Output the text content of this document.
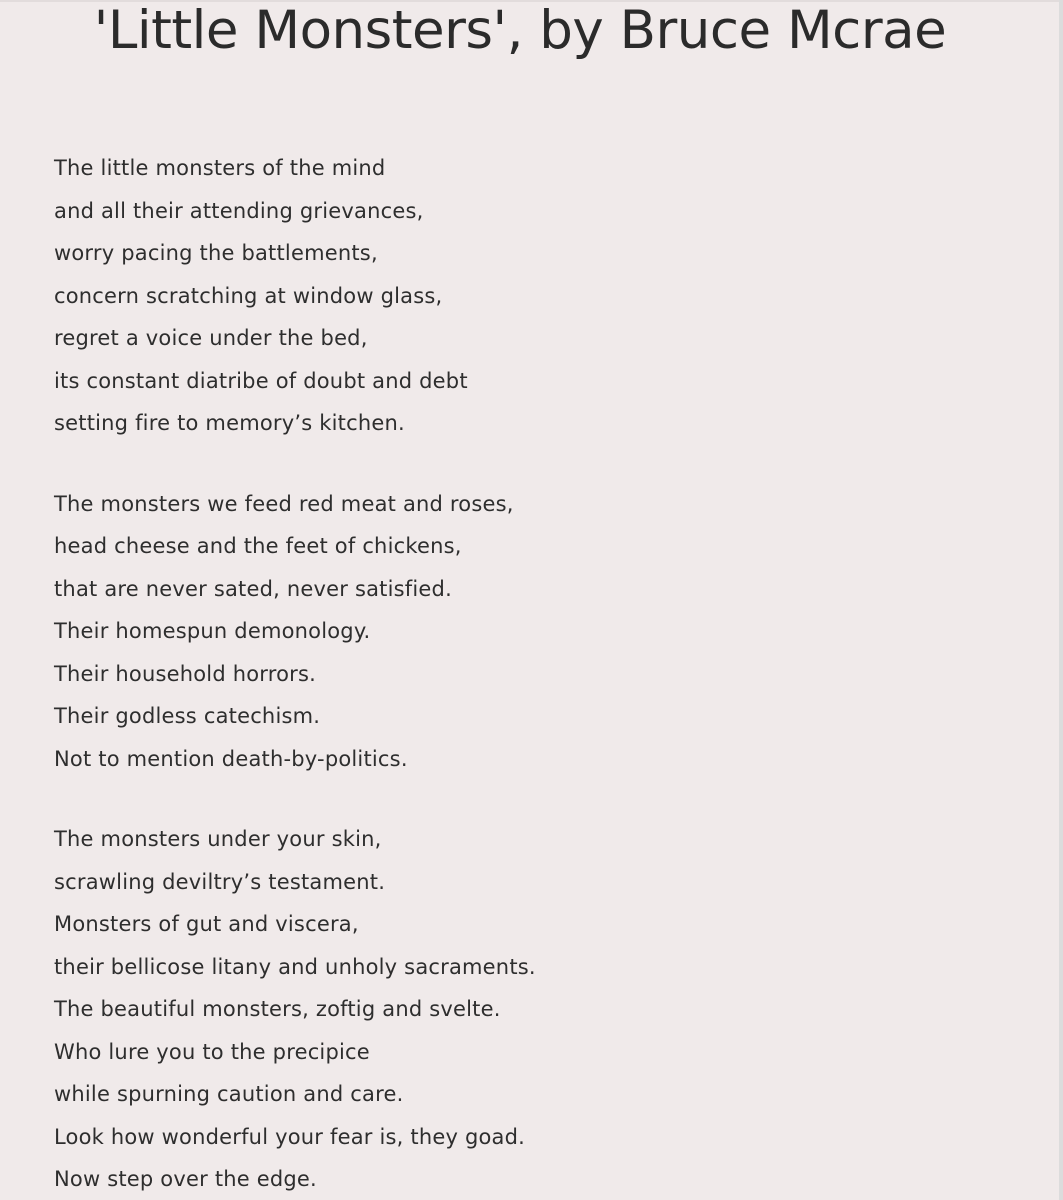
'Little Monsters', by Bruce Mcrae
The little monsters of the mind
and all their attending grievances,
worry pacing the battlements,
concern scratching at window glass,
regret a voice under the bed,
its constant diatribe of doubt and debt
setting fire to memory’s kitchen.
The monsters we feed red meat and roses,
head cheese and the feet of chickens,
that are never sated, never satisfied.
Their homespun demonology.
Their household horrors.
Their godless catechism.
Not to mention death-by-politics.
The monsters under your skin,
scrawling deviltry’s testament.
Monsters of gut and viscera,
their bellicose litany and unholy sacraments.
The beautiful monsters, zoftig and svelte.
Who lure you to the precipice
while spurning caution and care.
Look how wonderful your fear is, they goad.
Now step over the edge.
